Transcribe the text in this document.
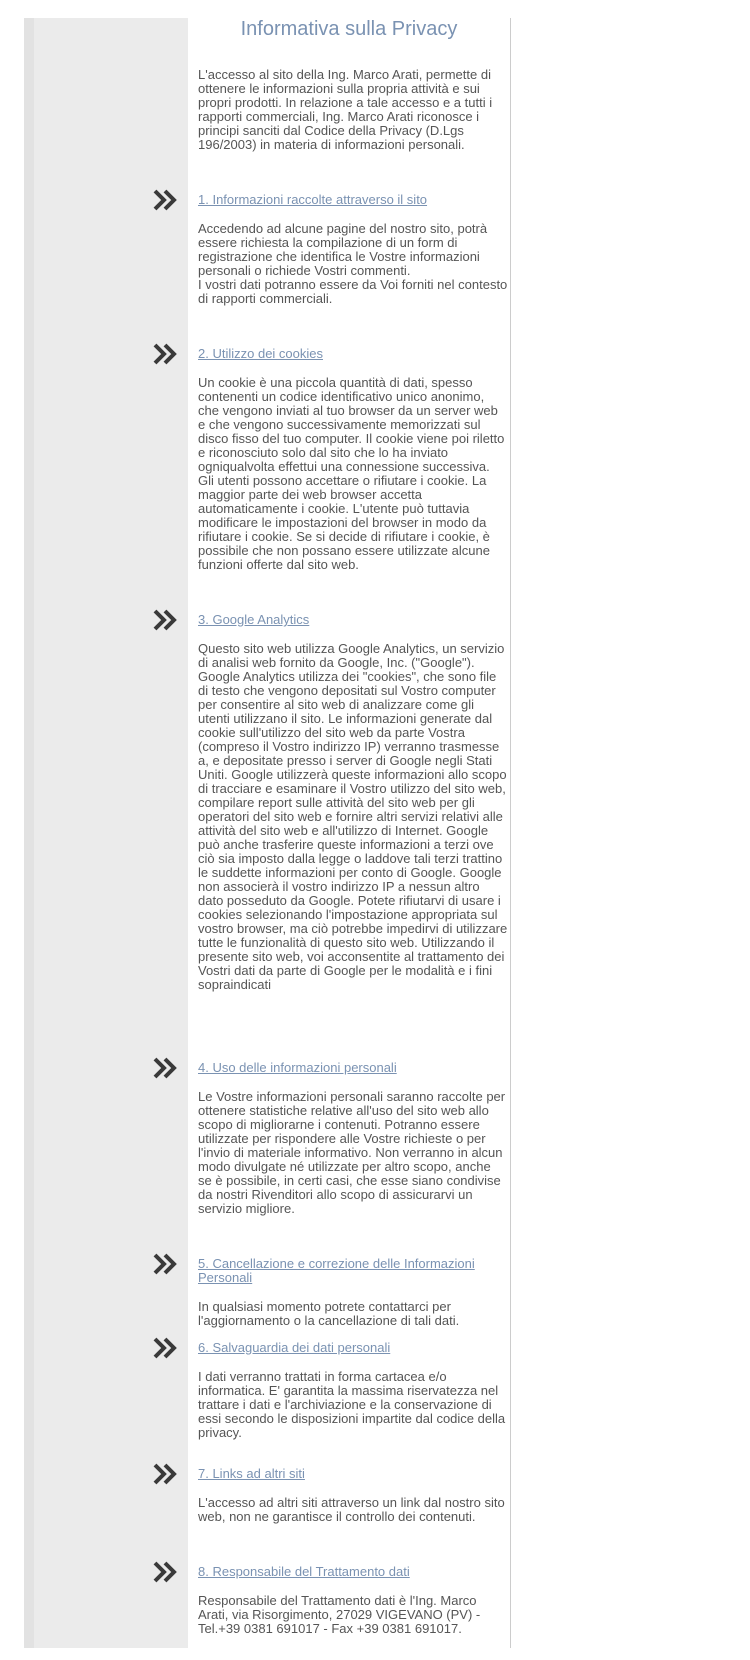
Informativa sulla Privacy

L'accesso al sito della Ing. Marco Arati, permette di ottenere le informazioni sulla propria attività e sui propri prodotti. In relazione a tale accesso e a tutti i rapporti commerciali, Ing. Marco Arati riconosce i principi sanciti dal Codice della Privacy (D.Lgs 196/2003) in materia di informazioni personali.

1. Informazioni raccolte attraverso il sito

Accedendo ad alcune pagine del nostro sito, potrà essere richiesta la compilazione di un form di registrazione che identifica le Vostre informazioni personali o richiede Vostri commenti.
I vostri dati potranno essere da Voi forniti nel contesto di rapporti commerciali.

2. Utilizzo dei cookies

Un cookie è una piccola quantità di dati, spesso contenenti un codice identificativo unico anonimo, che vengono inviati al tuo browser da un server web e che vengono successivamente memorizzati sul disco fisso del tuo computer. Il cookie viene poi riletto e riconosciuto solo dal sito che lo ha inviato ogniqualvolta effettui una connessione successiva.
Gli utenti possono accettare o rifiutare i cookie. La maggior parte dei web browser accetta automaticamente i cookie. L'utente può tuttavia modificare le impostazioni del browser in modo da rifiutare i cookie. Se si decide di rifiutare i cookie, è possibile che non possano essere utilizzate alcune funzioni offerte dal sito web.

3. Google Analytics

Questo sito web utilizza Google Analytics, un servizio di analisi web fornito da Google, Inc. ("Google"). Google Analytics utilizza dei "cookies", che sono file di testo che vengono depositati sul Vostro computer per consentire al sito web di analizzare come gli utenti utilizzano il sito. Le informazioni generate dal cookie sull'utilizzo del sito web da parte Vostra (compreso il Vostro indirizzo IP) verranno trasmesse a, e depositate presso i server di Google negli Stati Uniti. Google utilizzerà queste informazioni allo scopo di tracciare e esaminare il Vostro utilizzo del sito web, compilare report sulle attività del sito web per gli operatori del sito web e fornire altri servizi relativi alle attività del sito web e all'utilizzo di Internet. Google può anche trasferire queste informazioni a terzi ove ciò sia imposto dalla legge o laddove tali terzi trattino le suddette informazioni per conto di Google. Google non associerà il vostro indirizzo IP a nessun altro dato posseduto da Google. Potete rifiutarvi di usare i cookies selezionando l'impostazione appropriata sul vostro browser, ma ciò potrebbe impedirvi di utilizzare tutte le funzionalità di questo sito web. Utilizzando il presente sito web, voi acconsentite al trattamento dei Vostri dati da parte di Google per le modalità e i fini sopraindicati

4. Uso delle informazioni personali

Le Vostre informazioni personali saranno raccolte per ottenere statistiche relative all'uso del sito web allo scopo di migliorarne i contenuti. Potranno essere utilizzate per rispondere alle Vostre richieste o per l'invio di materiale informativo. Non verranno in alcun modo divulgate né utilizzate per altro scopo, anche se è possibile, in certi casi, che esse siano condivise da nostri Rivenditori allo scopo di assicurarvi un servizio migliore.

5. Cancellazione e correzione delle Informazioni Personali

In qualsiasi momento potrete contattarci per l'aggiornamento o la cancellazione di tali dati.

6. Salvaguardia dei dati personali

I dati verranno trattati in forma cartacea e/o informatica. E' garantita la massima riservatezza nel trattare i dati e l'archiviazione e la conservazione di essi secondo le disposizioni impartite dal codice della privacy.

7. Links ad altri siti

L'accesso ad altri siti attraverso un link dal nostro sito web, non ne garantisce il controllo dei contenuti.

8. Responsabile del Trattamento dati

Responsabile del Trattamento dati è l'Ing. Marco Arati, via Risorgimento, 27029 VIGEVANO (PV) - Tel.+39 0381 691017 - Fax +39 0381 691017.
